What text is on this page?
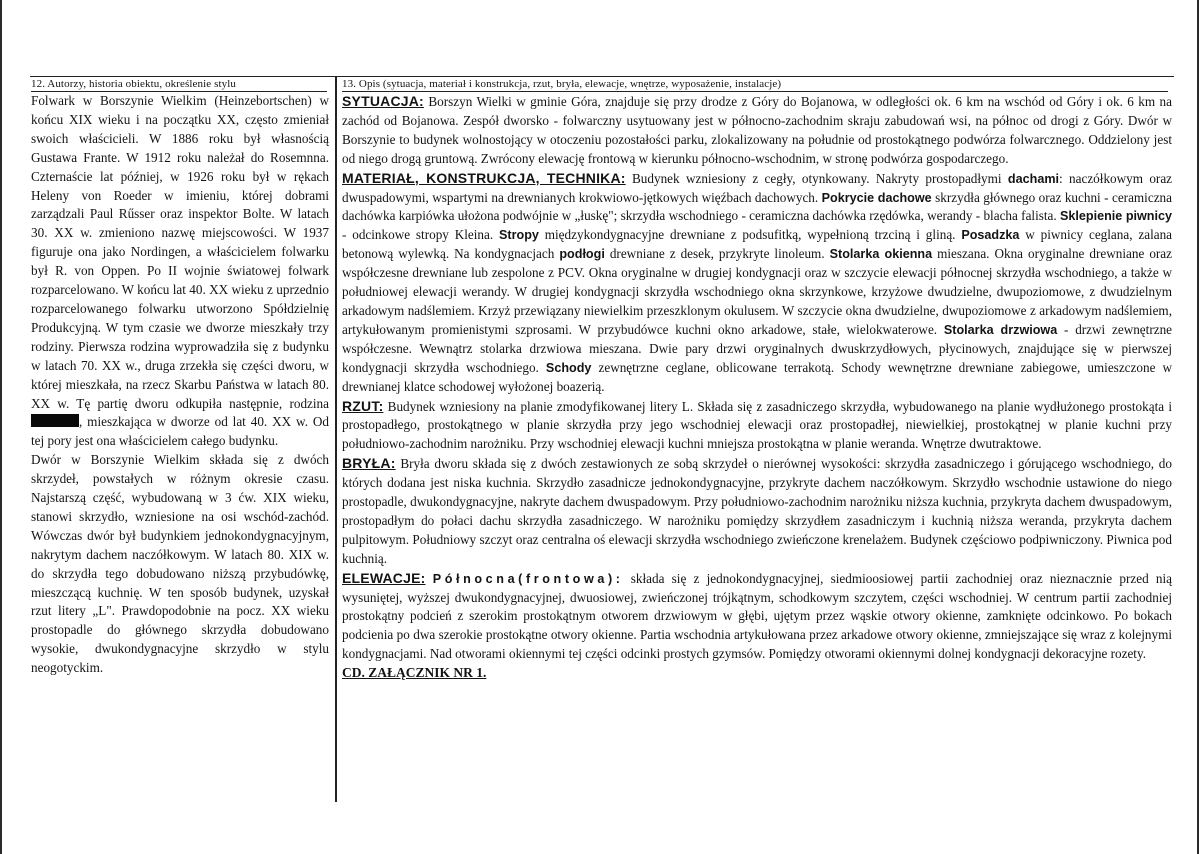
12. Autorzy, historia obiektu, określenie stylu	13. Opis (sytuacja, materiał i konstrukcja, rzut, bryła, elewacje, wnętrze, wyposażenie, instalacje)

Folwark w Borszynie Wielkim (Heinzebortschen) w końcu XIX wieku i na początku XX, często zmieniał swoich właścicieli. W 1886 roku był własnością Gustawa Frante. W 1912 roku należał do Rosemnna. Czternaście lat później, w 1926 roku był w rękach Heleny von Roeder w imieniu, której dobrami zarządzali Paul Rűsser oraz inspektor Bolte. W latach 30. XX w. zmieniono nazwę miejscowości. W 1937 figuruje ona jako Nordingen, a właścicielem folwarku był R. von Oppen. Po II wojnie światowej folwark rozparcelowano. W końcu lat 40. XX wieku z uprzednio rozparcelowanego folwarku utworzono Spółdzielnię Produkcyjną. W tym czasie we dworze mieszkały trzy rodziny. Pierwsza rodzina wyprowadziła się z budynku w latach 70. XX w., druga zrzekła się części dworu, w której mieszkała, na rzecz Skarbu Państwa w latach 80. XX w. Tę partię dworu odkupiła następnie, rodzina , mieszkająca w dworze od lat 40. XX w. Od tej pory jest ona właścicielem całego budynku.

Dwór w Borszynie Wielkim składa się z dwóch skrzydeł, powstałych w różnym okresie czasu. Najstarszą część, wybudowaną w 3 ćw. XIX wieku, stanowi skrzydło, wzniesione na osi wschód-zachód. Wówczas dwór był budynkiem jednokondygnacyjnym, nakrytym dachem naczółkowym. W latach 80. XIX w. do skrzydła tego dobudowano niższą przybudówkę, mieszczącą kuchnię. W ten sposób budynek, uzyskał rzut litery „L". Prawdopodobnie na pocz. XX wieku prostopadle do głównego skrzydła dobudowano wysokie, dwukondygnacyjne skrzydło w stylu neogotyckim.

SYTUACJA: Borszyn Wielki w gminie Góra, znajduje się przy drodze z Góry do Bojanowa, w odległości ok. 6 km na wschód od Góry i ok. 6 km na zachód od Bojanowa. Zespół dworsko - folwarczny usytuowany jest w północno-zachodnim skraju zabudowań wsi, na północ od drogi z Góry. Dwór w Borszynie to budynek wolnostojący w otoczeniu pozostałości parku, zlokalizowany na południe od prostokątnego podwórza folwarcznego. Oddzielony jest od niego drogą gruntową. Zwrócony elewację frontową w kierunku północno-wschodnim, w stronę podwórza gospodarczego.

MATERIAŁ, KONSTRUKCJA, TECHNIKA: Budynek wzniesiony z cegły, otynkowany. Nakryty prostopadłymi dachami: naczółkowym oraz dwuspadowymi, wspartymi na drewnianych krokwiowo-jętkowych więźbach dachowych. Pokrycie dachowe skrzydła głównego oraz kuchni - ceramiczna dachówka karpiówka ułożona podwójnie w „łuskę"; skrzydła wschodniego - ceramiczna dachówka rzędówka, werandy - blacha falista. Sklepienie piwnicy - odcinkowe stropy Kleina. Stropy międzykondygnacyjne drewniane z podsufitką, wypełnioną trzciną i gliną. Posadzka w piwnicy ceglana, zalana betonową wylewką. Na kondygnacjach podłogi drewniane z desek, przykryte linoleum. Stolarka okienna mieszana. Okna oryginalne drewniane oraz współczesne drewniane lub zespolone z PCV. Okna oryginalne w drugiej kondygnacji oraz w szczycie elewacji północnej skrzydła wschodniego, a także w południowej elewacji werandy. W drugiej kondygnacji skrzydła wschodniego okna skrzynkowe, krzyżowe dwudzielne, dwupoziomowe, z dwudzielnym arkadowym nadślemiem. Krzyż przewiązany niewielkim przeszklonym okulusem. W szczycie okna dwudzielne, dwupoziomowe z arkadowym nadślemiem, artykułowanym promienistymi szprosami. W przybudówce kuchni okno arkadowe, stałe, wielokwaterowe. Stolarka drzwiowa - drzwi zewnętrzne współczesne. Wewnątrz stolarka drzwiowa mieszana. Dwie pary drzwi oryginalnych dwuskrzydłowych, płycinowych, znajdujące się w pierwszej kondygnacji skrzydła wschodniego. Schody zewnętrzne ceglane, oblicowane terrakotą. Schody wewnętrzne drewniane zabiegowe, umieszczone w drewnianej klatce schodowej wyłożonej boazerią.

RZUT: Budynek wzniesiony na planie zmodyfikowanej litery L. Składa się z zasadniczego skrzydła, wybudowanego na planie wydłużonego prostokąta i prostopadłego, prostokątnego w planie skrzydła przy jego wschodniej elewacji oraz prostopadłej, niewielkiej, prostokątnej w planie kuchni przy południowo-zachodnim narożniku. Przy wschodniej elewacji kuchni mniejsza prostokątna w planie weranda. Wnętrze dwutraktowe.

BRYŁA: Bryła dworu składa się z dwóch zestawionych ze sobą skrzydeł o nierównej wysokości: skrzydła zasadniczego i górującego wschodniego, do których dodana jest niska kuchnia. Skrzydło zasadnicze jednokondygnacyjne, przykryte dachem naczółkowym. Skrzydło wschodnie ustawione do niego prostopadle, dwukondygnacyjne, nakryte dachem dwuspadowym. Przy południowo-zachodnim narożniku niższa kuchnia, przykryta dachem dwuspadowym, prostopadłym do połaci dachu skrzydła zasadniczego. W narożniku pomiędzy skrzydłem zasadniczym i kuchnią niższa weranda, przykryta dachem pulpitowym. Południowy szczyt oraz centralna oś elewacji skrzydła wschodniego zwieńczone krenelażem. Budynek częściowo podpiwniczony. Piwnica pod kuchnią.

ELEWACJE: Północna(frontowa): składa się z jednokondygnacyjnej, siedmioosiowej partii zachodniej oraz nieznacznie przed nią wysuniętej, wyższej dwukondygnacyjnej, dwuosiowej, zwieńczonej trójkątnym, schodkowym szczytem, części wschodniej. W centrum partii zachodniej prostokątny podcień z szerokim prostokątnym otworem drzwiowym w głębi, ujętym przez wąskie otwory okienne, zamknięte odcinkowo. Po bokach podcienia po dwa szerokie prostokątne otwory okienne. Partia wschodnia artykułowana przez arkadowe otwory okienne, zmniejszające się wraz z kolejnymi kondygnacjami. Nad otworami okiennymi tej części odcinki prostych gzymsów. Pomiędzy otworami okiennymi dolnej kondygnacji dekoracyjne rozety.

CD. ZAŁĄCZNIK NR 1.
